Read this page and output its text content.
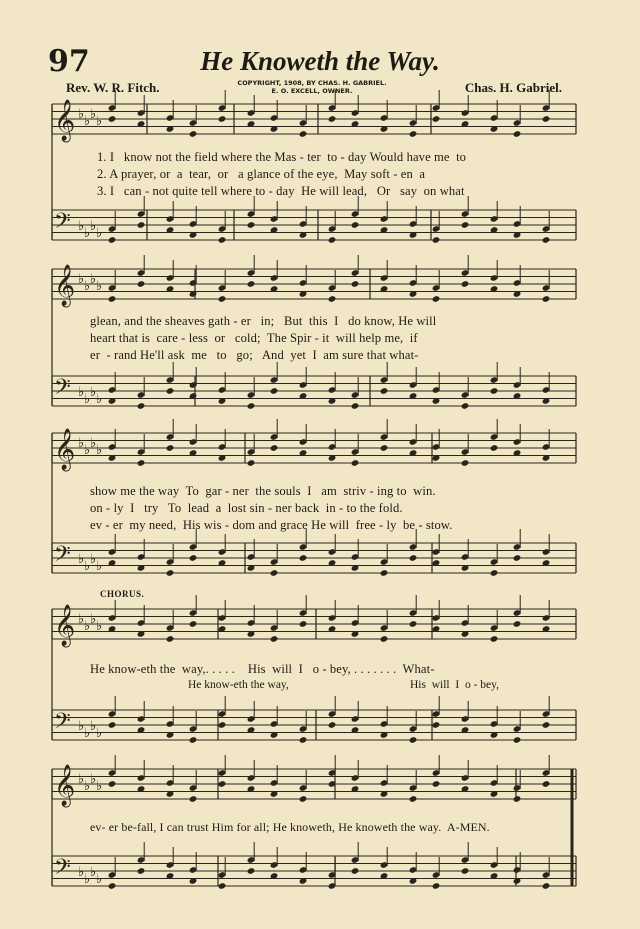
97	He Knoweth the Way.
Rev. W. R. Fitch.	COPYRIGHT, 1908, BY CHAS. H. GABRIEL.
E. O. EXCELL, OWNER.	Chas. H. Gabriel.
𝄞 ♭ ♭ ♭ ♭
𝄢 ♭ ♭ ♭ ♭
𝄞 ♭ ♭ ♭ ♭
𝄢 ♭ ♭ ♭ ♭
𝄞 ♭ ♭ ♭ ♭
𝄢 ♭ ♭ ♭ ♭
𝄞 ♭ ♭ ♭ ♭
𝄢 ♭ ♭ ♭ ♭
𝄞 ♭ ♭ ♭ ♭
𝄢 ♭ ♭ ♭ ♭
1. I   know not the field where the Mas - ter  to - day Would have me  to
2. A prayer, or  a  tear,  or   a glance of the eye,  May soft - en  a
3. I   can - not quite tell where to - day  He will lead,   Or   say  on what
glean, and the sheaves gath - er   in;   But  this  I   do know, He will
heart that is  care - less  or   cold;  The Spir - it  will help me,  if
er  - rand He'll ask  me   to   go;   And  yet  I  am sure that what-
show me the way  To  gar - ner  the souls  I   am  striv - ing to  win.
on - ly  I   try   To  lead  a  lost sin - ner back  in - to the fold.
ev - er  my need,  His wis - dom and grace He will  free - ly  be - stow.
CHORUS.
He know-eth the  way,. . . . .    His  will  I   o - bey, . . . . . . .  What-
He know-eth the way,	His  will  I  o - bey,
ev- er be-fall, I can trust Him for all; He knoweth, He knoweth the way.  A-MEN.
